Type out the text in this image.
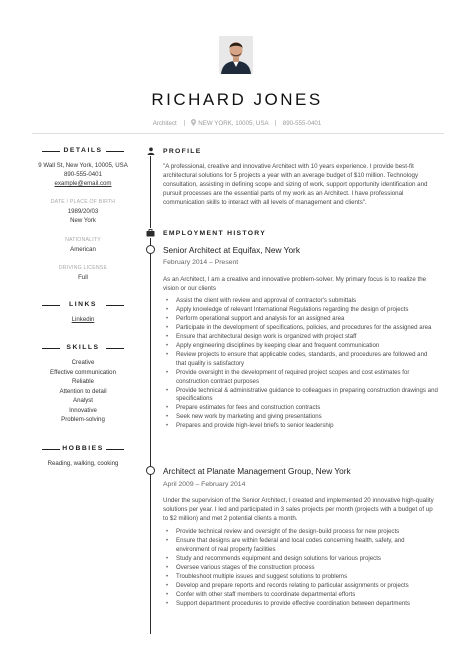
RICHARD JONES
Architect	NEW YORK, 10005, USA 890-555-0401
DETAILS
9 Wall St, New York, 10005, USA
890-555-0401
example@email.com
DATE / PLACE OF BIRTH
1989/20/03
New York
NATIONALITY
American
DRIVING LICENSE
Full
LINKS
Linkedin
SKILLS
Creative
Effective communication
Reliable
Attention to detail
Analyst
Innovative
Problem-solving
HOBBIES
Reading, walking, cooking
PROFILE
"A professional, creative and innovative Architect with 10 years experience. I provide best-fit architectural solutions for 5 projects a year with an average budget of $10 million. Technology consultation, assisting in defining scope and sizing of work, support opportunity identification and pursuit processes are the essential parts of my work as an Architect. I have professional communication skills to interact with all levels of management and clients".
EMPLOYMENT HISTORY
Senior Architect at Equifax, New York
February 2014 – Present
As an Architect, I am a creative and innovative problem-solver. My primary focus is to realize the vision or our clients
• Assist the client with review and approval of contractor's submittals
• Apply knowledge of relevant International Regulations regarding the design of projects
• Perform operational support and analysis for an assigned area
• Participate in the development of specifications, policies, and procedures for the assigned area
• Ensure that architectural design work is organized with project staff
• Apply engineering disciplines by keeping clear and frequent communication
• Review projects to ensure that applicable codes, standards, and procedures are followed and that quality is satisfactory
• Provide oversight in the development of required project scopes and cost estimates for construction contract purposes
• Provide technical & administrative guidance to colleagues in preparing construction drawings and specifications
• Prepare estimates for fees and construction contracts
• Seek new work by marketing and giving presentations
• Prepares and provide high-level briefs to senior leadership
Architect at Planate Management Group, New York
April 2009 – February 2014
Under the supervision of the Senior Architect, I created and implemented 20 innovative high-quality solutions per year. I led and participated in 3 sales projects per month (projects with a budget of up to $2 million) and met 2 potential clients a month.
• Provide technical review and oversight of the design-build process for new projects
• Ensure that designs are within federal and local codes concerning health, safety, and environment of real property facilities
• Study and recommends equipment and design solutions for various projects
• Oversee various stages of the construction process
• Troubleshoot multiple issues and suggest solutions to problems
• Develop and prepare reports and records relating to particular assignments or projects
• Confer with other staff members to coordinate departmental efforts
• Support department procedures to provide effective coordination between departments
